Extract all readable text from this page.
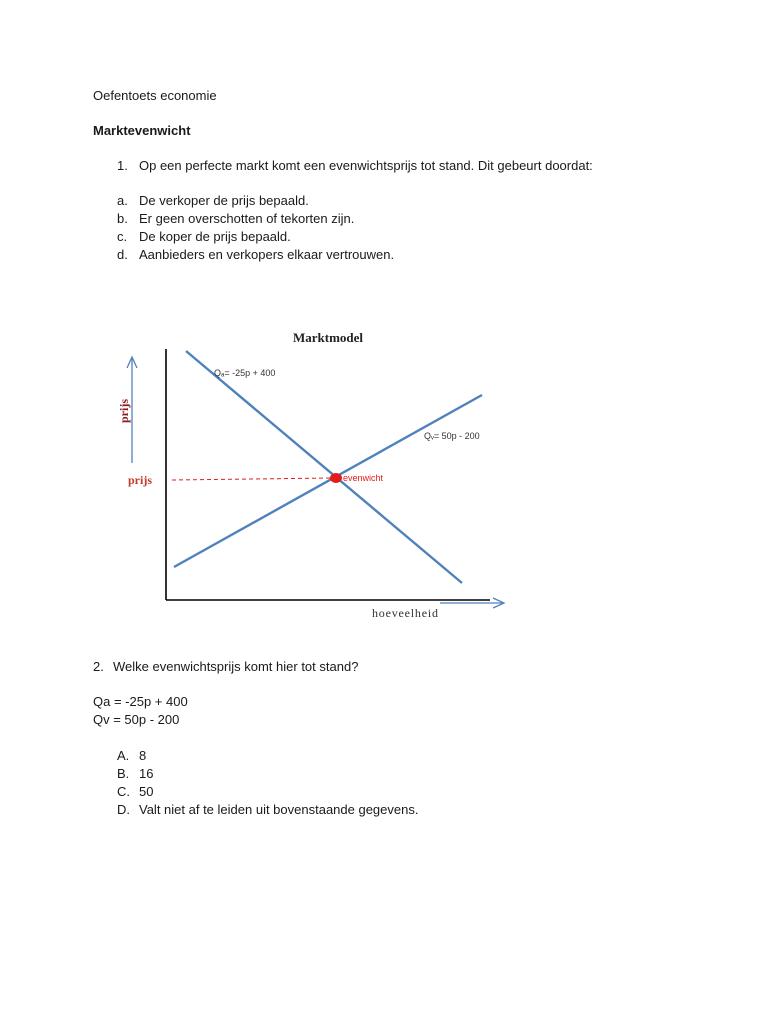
Oefentoets economie
Marktevenwicht
1. Op een perfecte markt komt een evenwichtsprijs tot stand. Dit gebeurt doordat:
a. De verkoper de prijs bepaald.
b. Er geen overschotten of tekorten zijn.
c. De koper de prijs bepaald.
d. Aanbieders en verkopers elkaar vertrouwen.
Marktmodel
prijs
prijs	evenwicht
Qₐ= -25p + 400
Qᵥ= 50p - 200
hoeveelheid
2. Welke evenwichtsprijs komt hier tot stand?
Qa = -25p + 400
Qv = 50p - 200
A. 8
B. 16
C. 50
D. Valt niet af te leiden uit bovenstaande gegevens.
